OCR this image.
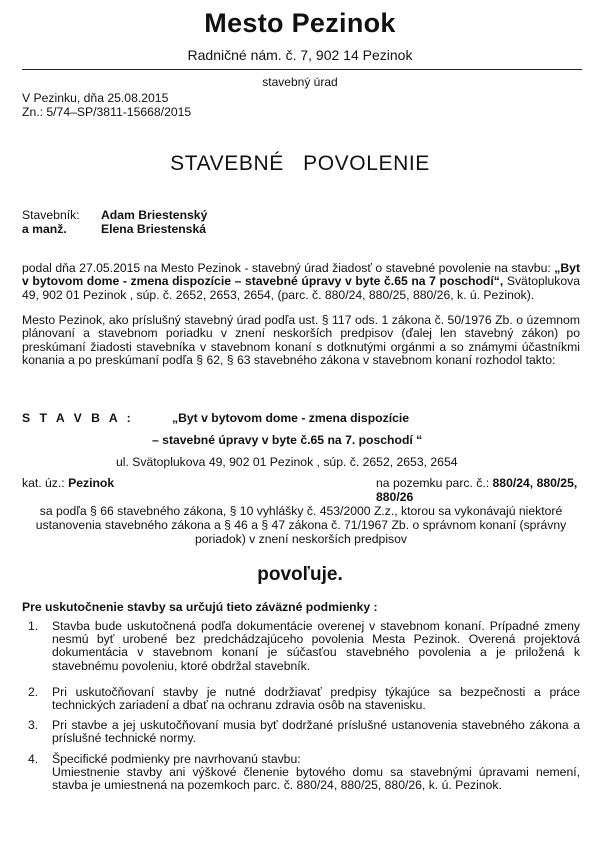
Mesto Pezinok
Radničné nám. č. 7, 902 14 Pezinok
stavebný úrad
V Pezinku, dňa 25.08.2015
Zn.: 5/74–SP/3811-15668/2015
STAVEBNÉ   POVOLENIE
Stavebník: Adam Briestenský
a manž.	Elena Briestenská
podal dňa 27.05.2015 na Mesto Pezinok - stavebný úrad žiadosť o stavebné povolenie na stavbu: „Byt v bytovom dome - zmena dispozície – stavebné úpravy v byte č.65 na 7 poschodí“, Svätoplukova 49, 902 01 Pezinok , súp. č. 2652, 2653, 2654, (parc. č. 880/24, 880/25, 880/26, k. ú. Pezinok).
Mesto Pezinok, ako príslušný stavebný úrad podľa ust. § 117 ods. 1 zákona č. 50/1976 Zb. o územnom plánovaní a stavebnom poriadku v znení neskorších predpisov (ďalej len stavebný zákon) po preskúmaní žiadosti stavebníka v stavebnom konaní s dotknutými orgánmi a so známymi účastníkmi konania a po preskúmaní podľa § 62, § 63 stavebného zákona v stavebnom konaní rozhodol takto:
S T A V B A :	„Byt v bytovom dome - zmena dispozície
– stavebné úpravy v byte č.65 na 7. poschodí “
ul. Svätoplukova 49, 902 01 Pezinok , súp. č. 2652, 2653, 2654
kat. úz.: Pezinok	na pozemku parc. č.: 880/24, 880/25, 880/26
sa podľa § 66 stavebného zákona, § 10 vyhlášky č. 453/2000 Z.z., ktorou sa vykonávajú niektoré ustanovenia stavebného zákona a § 46 a § 47 zákona č. 71/1967 Zb. o správnom konaní (správny poriadok) v znení neskorších predpisov
povoľuje.
Pre uskutočnenie stavby sa určujú tieto záväzné podmienky :
1. Stavba bude uskutočnená podľa dokumentácie overenej v stavebnom konaní. Prípadné zmeny nesmú byť urobené bez predchádzajúceho povolenia Mesta Pezinok. Overená projektová dokumentácia v stavebnom konaní je súčasťou stavebného povolenia a je priložená k stavebnému povoleniu, ktoré obdržal stavebník.
2. Pri uskutočňovaní stavby je nutné dodržiavať predpisy týkajúce sa bezpečnosti a práce technických zariadení a dbať na ochranu zdravia osôb na stavenisku.
3. Pri stavbe a jej uskutočňovaní musia byť dodržané príslušné ustanovenia stavebného zákona a príslušné technické normy.
4. Špecifické podmienky pre navrhovanú stavbu:
Umiestnenie stavby ani výškové členenie bytového domu sa stavebnými úpravami nemení, stavba je umiestnená na pozemkoch parc. č. 880/24, 880/25, 880/26, k. ú. Pezinok.
